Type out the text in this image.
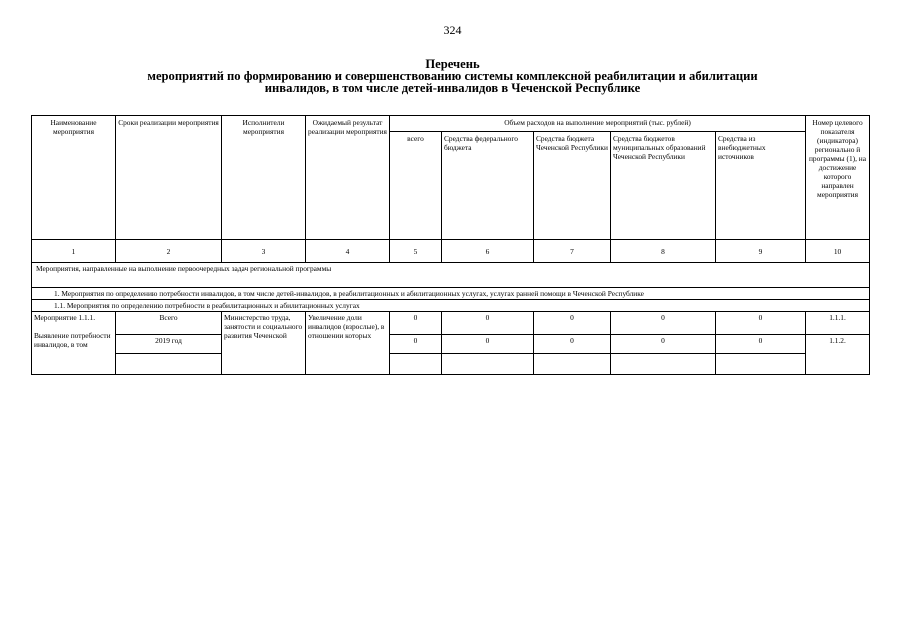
324
Перечень
мероприятий по формированию и совершенствованию системы комплексной реабилитации и абилитации
инвалидов, в том числе детей-инвалидов в Чеченской Республике
Наименование мероприятия	Сроки реализации мероприятия	Исполнители мероприятия	Ожидаемый результат реализации мероприятия	Объем расходов на выполнение мероприятий (тыс. рублей)					Номер целевого показателя (индикатора) регионально й программы (1), на достижение которого направлен мероприятия
				всего	Средства федерального бюджета	Средства бюджета Чеченской Республики	Средства бюджетов муниципальных образований Чеченской Республики	Средства из внебюджетных источников	
1	2	3	4	5	6	7	8	9	10
Мероприятия, направленные на выполнение первоочередных задач региональной программы									
1. Мероприятия по определению потребности инвалидов, в том числе детей-инвалидов, в реабилитационных и абилитационных услугах, услугах ранней помощи в Чеченской Республике									
1.1. Мероприятия по определению потребности в реабилитационных и абилитационных услугах									
Мероприятие 1.1.1.

Выявление потребности инвалидов, в том	Всего	Министерство труда, занятости и социального развития Чеченской	Увеличение доли инвалидов (взрослые), в отношении которых	0	0	0	0	0	1.1.1.
	2019 год			0	0	0	0	0	1.1.2.
